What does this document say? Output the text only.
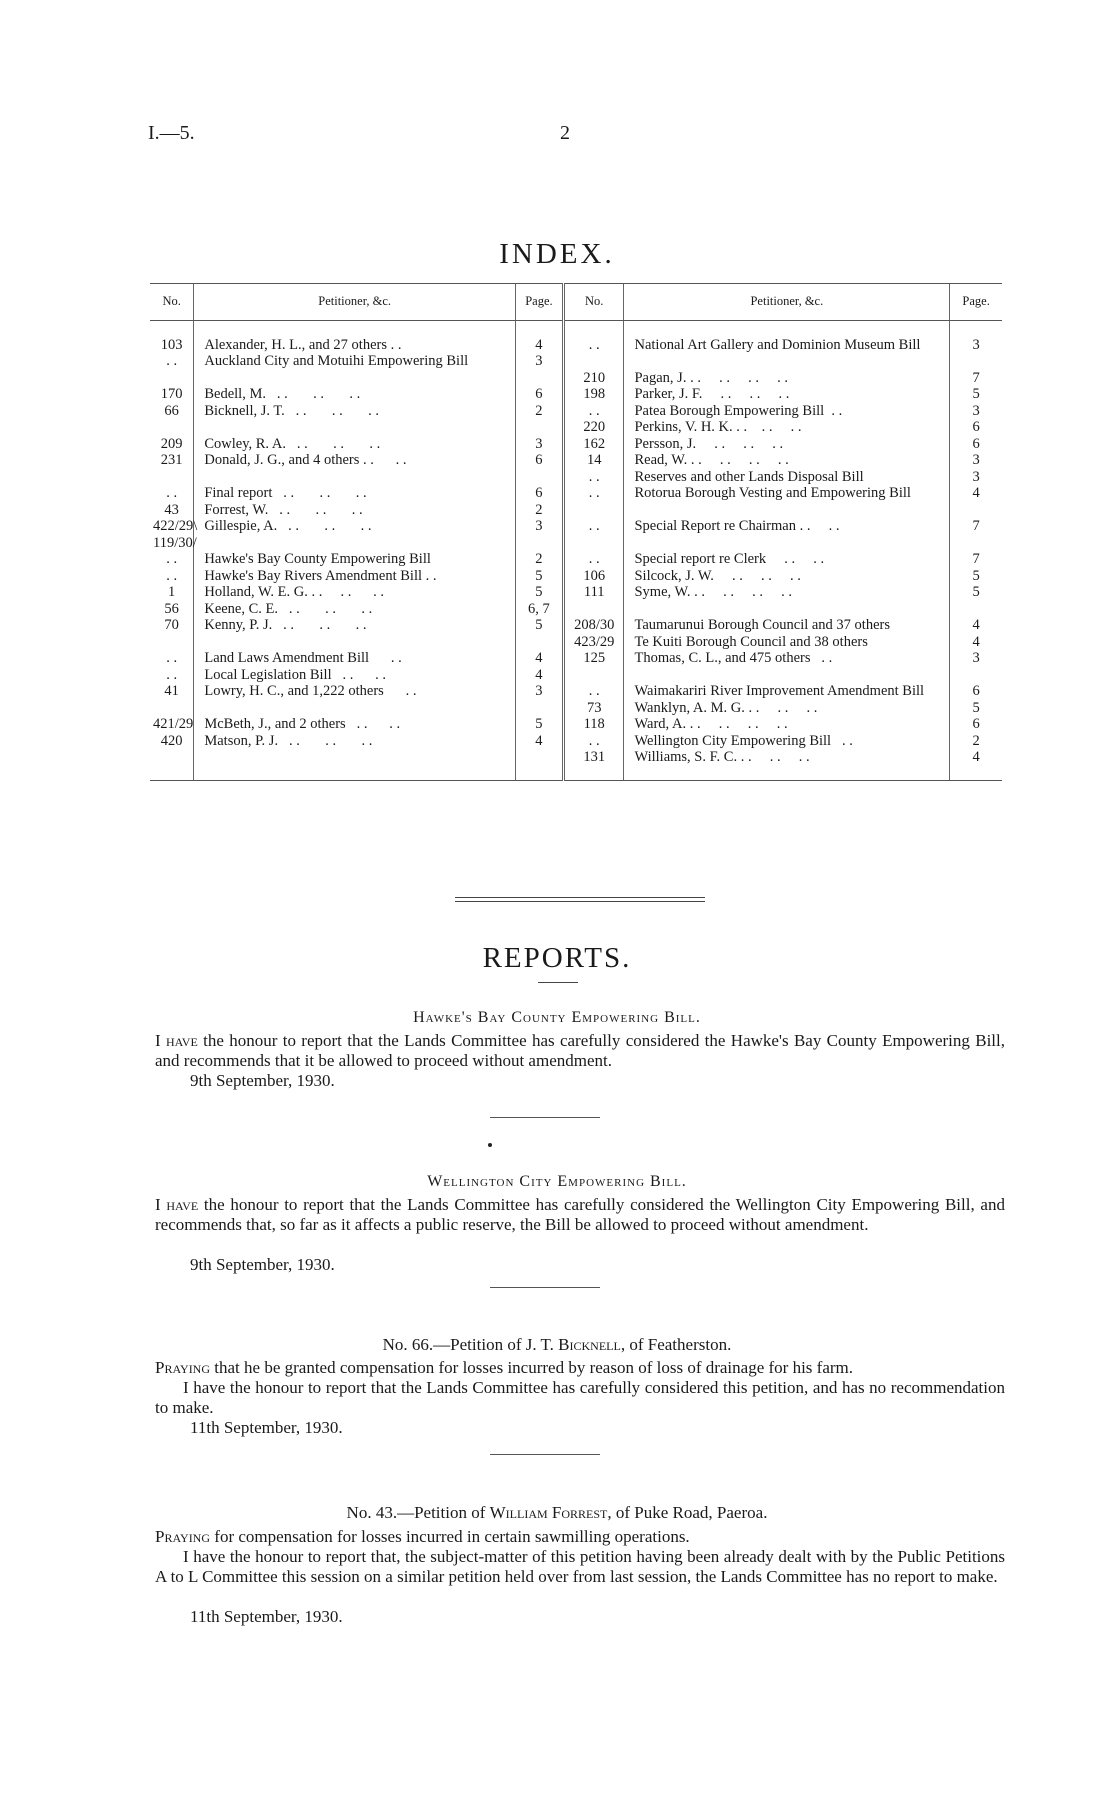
I.—5.	2
INDEX.
No.	Petitioner, &c.	Page.	No.	Petitioner, &c.	Page.

103	Alexander, H. L., and 27 others . .	4	. .	National Art Gallery and Dominion Museum Bill	3
. .	Auckland City and Motuihi Empowering Bill	3			
			210	Pagan, J. . .     . .     . .     . .	7
170	Bedell, M.   . .       . .       . .	6	198	Parker, J. F.     . .     . .     . .	5
66	Bicknell, J. T.   . .       . .       . .	2	. .	Patea Borough Empowering Bill  . .	3
			220	Perkins, V. H. K. . .    . .     . .	6
209	Cowley, R. A.   . .       . .       . .	3	162	Persson, J.     . .     . .     . .	6

231	Donald, J. G., and 4 others . .      . .	6	14	Read, W. . .     . .     . .     . .	3
			. .	Reserves and other Lands Disposal Bill	3
. .	Final report   . .       . .       . .	6	. .	Rotorua Borough Vesting and Empowering Bill	4
43	Forrest, W.   . .       . .       . .	2			
422/29\ 119/30/	Gillespie, A.   . .       . .       . .	3	. .	Special Report re Chairman . .     . .	7
. .	Hawke's Bay County Empowering Bill	2	. .	Special report re Clerk     . .     . .	7
. .	Hawke's Bay Rivers Amendment Bill . .	5	106	Silcock, J. W.     . .     . .     . .	5
1	Holland, W. E. G. . .     . .      . .	5	111	Syme, W. . .     . .     . .     . .	5
56	Keene, C. E.   . .       . .       . .	6, 7			
70	Kenny, P. J.   . .       . .       . .	5	208/30	Taumarunui Borough Council and 37 others	4
			423/29	Te Kuiti Borough Council and 38 others	4
. .	Land Laws Amendment Bill      . .	4	125	Thomas, C. L., and 475 others   . .	3
. .	Local Legislation Bill   . .      . .	4			
41	Lowry, H. C., and 1,222 others      . .	3	. .	Waimakariri River Improvement Amendment Bill	6
			73	Wanklyn, A. M. G. . .     . .     . .	5
421/29	McBeth, J., and 2 others   . .      . .	5	118	Ward, A. . .     . .     . .     . .	6
420	Matson, P. J.   . .       . .       . .	4	. .	Wellington City Empowering Bill   . .	2
			131	Williams, S. F. C. . .     . .     . .	4

REPORTS.
Hawke's Bay County Empowering Bill.
I have the honour to report that the Lands Committee has carefully considered the Hawke's Bay County Empowering Bill, and recommends that it be allowed to proceed without amendment.
9th September, 1930.
Wellington City Empowering Bill.
I have the honour to report that the Lands Committee has carefully considered the Wellington City Empowering Bill, and recommends that, so far as it affects a public reserve, the Bill be allowed to proceed without amendment.
9th September, 1930.
No. 66.—Petition of J. T. Bicknell, of Featherston.
Praying that he be granted compensation for losses incurred by reason of loss of drainage for his farm.
I have the honour to report that the Lands Committee has carefully considered this petition, and has no recommendation to make.
11th September, 1930.
No. 43.—Petition of William Forrest, of Puke Road, Paeroa.
Praying for compensation for losses incurred in certain sawmilling operations.
I have the honour to report that, the subject-matter of this petition having been already dealt with by the Public Petitions A to L Committee this session on a similar petition held over from last session, the Lands Committee has no report to make.
11th September, 1930.
